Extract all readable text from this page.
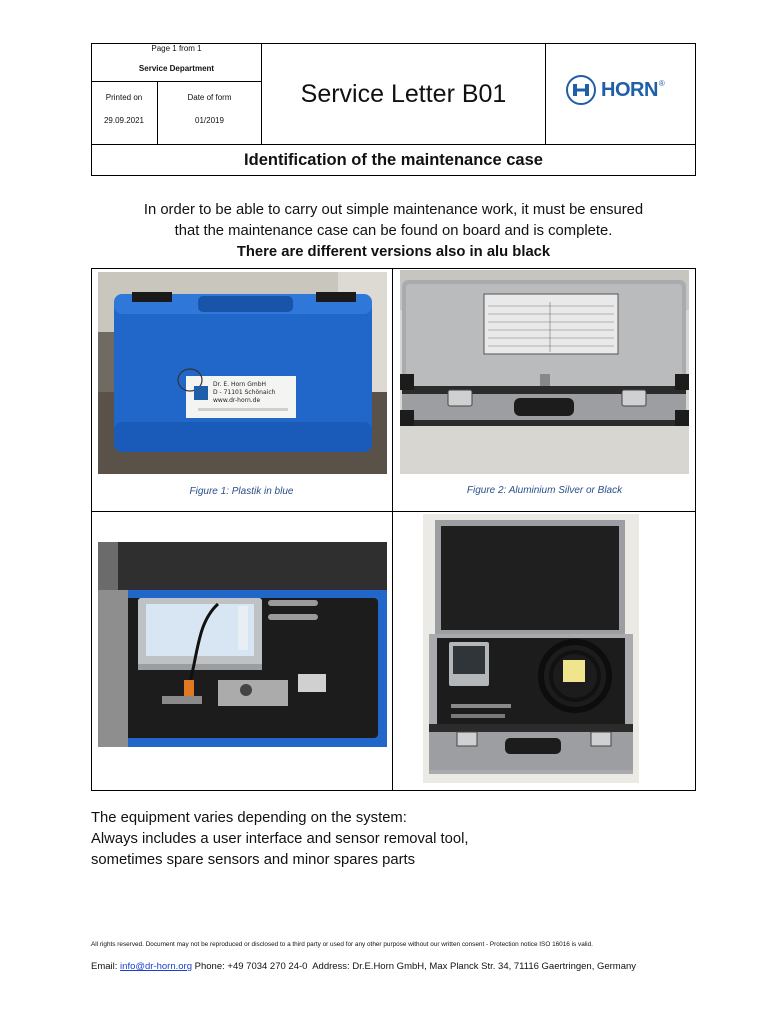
Page 1 from 1
Service Department
Printed on
29.09.2021
Date of form
01/2019
Service Letter B01	HORN ®
Identification of the maintenance case
In order to be able to carry out simple maintenance work, it must be ensured
that the maintenance case can be found on board and is complete.
There are different versions also in alu black
Dr. E. Horn GmbH
D - 71101 Schönaich
www.dr-horn.de
Figure 1: Plastik in blue	Figure 2: Aluminium Silver or Black
The equipment varies depending on the system:
Always includes a user interface and sensor removal tool,
sometimes spare sensors and minor spares parts
All rights reserved. Document may not be reproduced or disclosed to a third party or used for any other purpose without our written consent - Protection notice ISO 16016 is valid.
Email: info@dr-horn.org Phone: +49 7034 270 24-0 Address: Dr.E.Horn GmbH, Max Planck Str. 34, 71116 Gaertringen, Germany
